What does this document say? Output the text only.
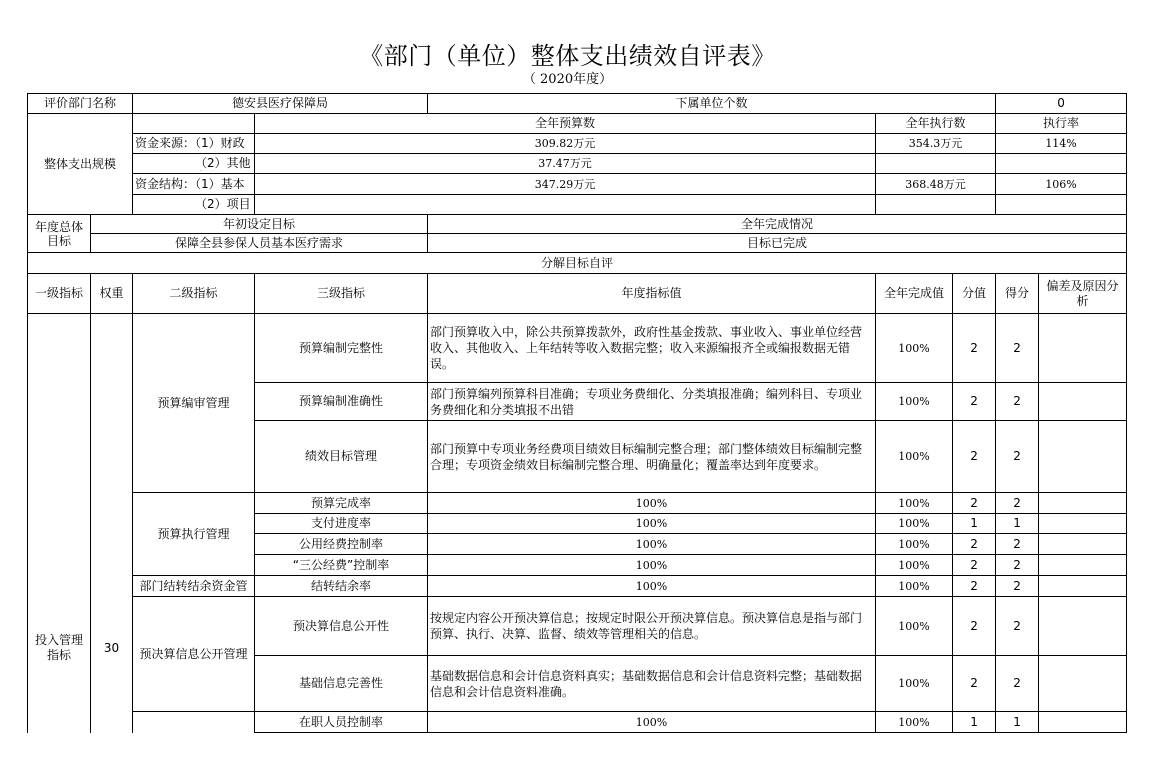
《部门（单位）整体支出绩效自评表》
（ 2020年度）
评价部门名称		德安县医疗保障局		下属单位个数			0	
整体支出规模			全年预算数		全年执行数		执行率	

		资金来源：（1）财政	309.82万元		354.3万元		114%	

		（2）其他	37.47万元					

		资金结构：（1）基本	347.29万元		368.48万元		106%	

		（2）项目						

年度总体目标	年初设定目标			全年完成情况				
	保障全县参保人员基本医疗需求			目标已完成				
分解目标自评								
一级指标	权重	二级指标	三级指标	年度指标值	全年完成值	分值	得分	偏差及原因分析
投入管理指标	30	预算编审管理	预算编制完整性	部门预算收入中，除公共预算拨款外，政府性基金拨款、事业收入、事业单位经营收入、其他收入、上年结转等收入数据完整；收入来源编报齐全或编报数据无错误。	100%	2	2	
			预算编制准确性	部门预算编列预算科目准确；专项业务费细化、分类填报准确；编列科目、专项业务费细化和分类填报不出错	100%	2	2	
			绩效目标管理	部门预算中专项业务经费项目绩效目标编制完整合理；部门整体绩效目标编制完整合理；专项资金绩效目标编制完整合理、明确量化；覆盖率达到年度要求。	100%	2	2	
		预算执行管理	预算完成率	100%	100%	2	2	
			支付进度率	100%	100%	1	1	
			公用经费控制率	100%	100%	2	2	
			“三公经费”控制率	100%	100%	2	2	

		部门结转结余资金管	结转结余率	100%	100%	2	2	
		预决算信息公开管理	预决算信息公开性	按规定内容公开预决算信息；按规定时限公开预决算信息。预决算信息是指与部门预算、执行、决算、监督、绩效等管理相关的信息。	100%	2	2	
			基础信息完善性	基础数据信息和会计信息资料真实；基础数据信息和会计信息资料完整；基础数据信息和会计信息资料准确。	100%	2	2	
			在职人员控制率	100%	100%	1	1	
